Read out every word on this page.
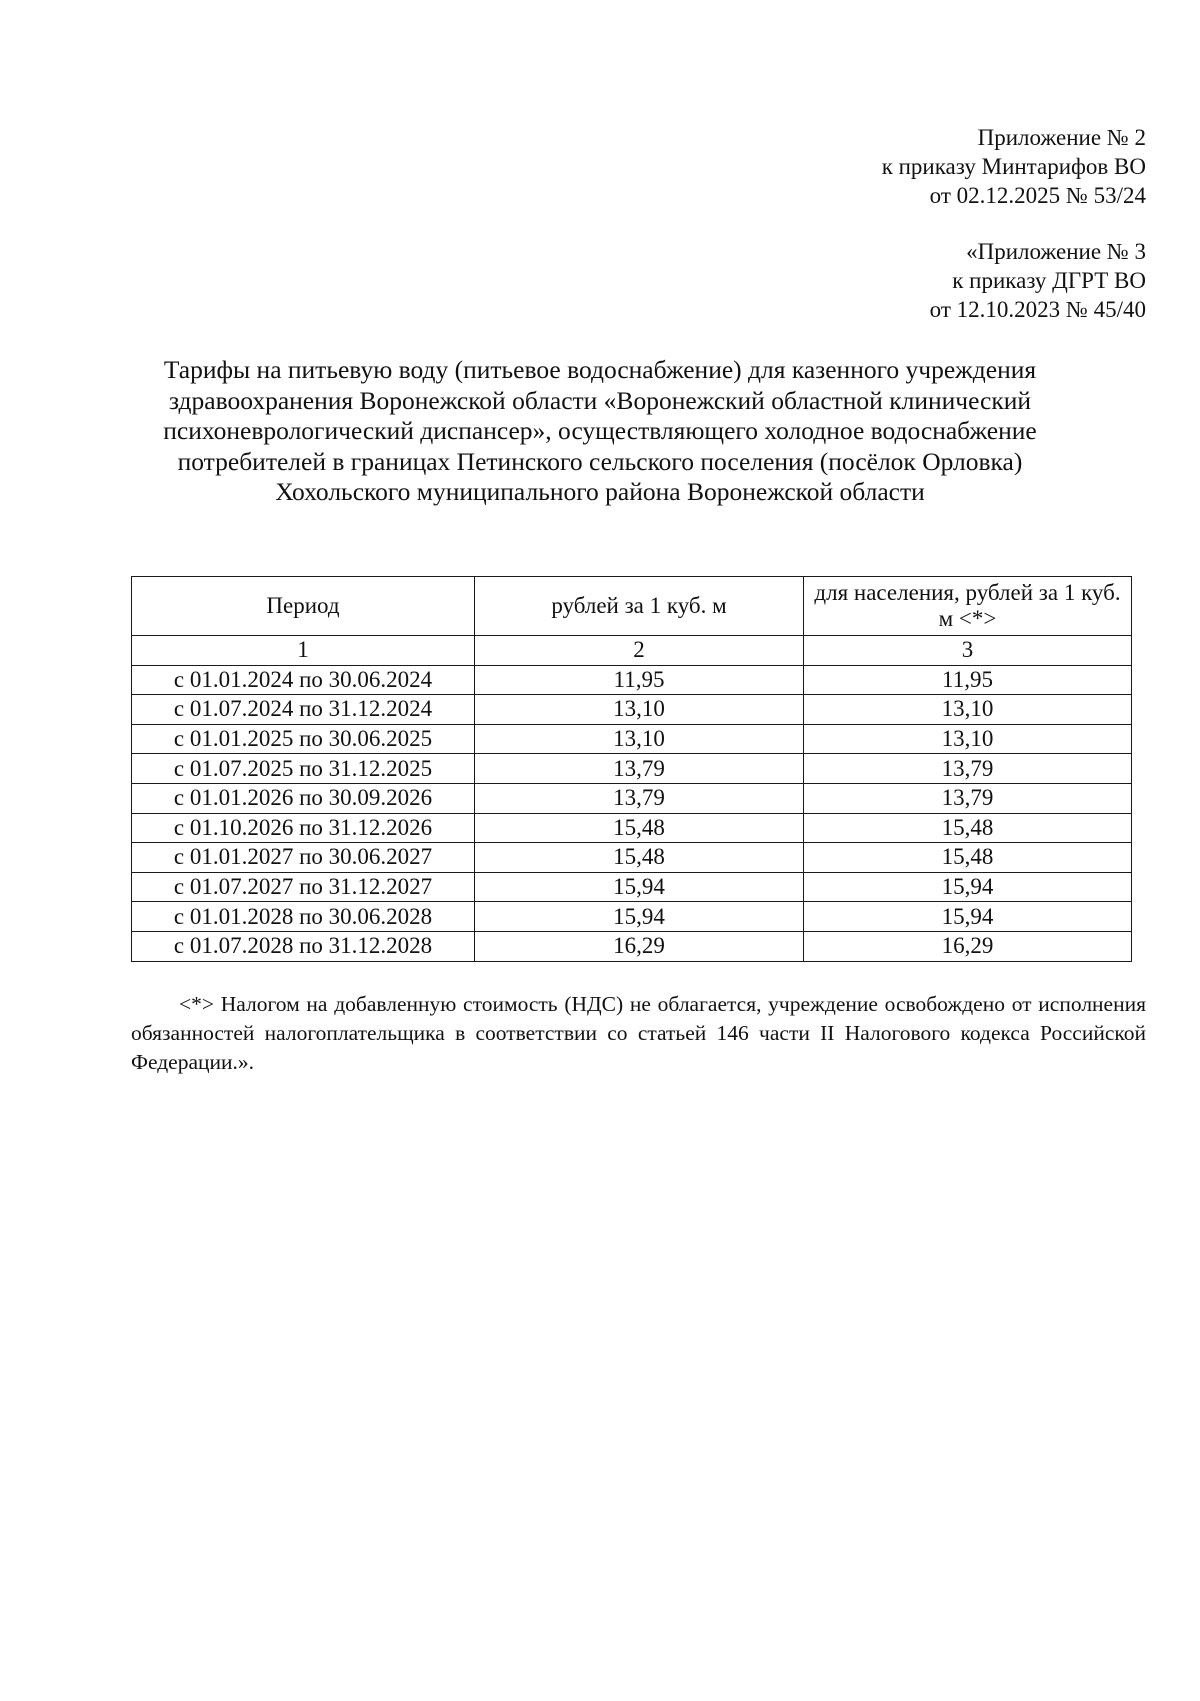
Приложение № 2
к приказу Минтарифов ВО
от 02.12.2025 № 53/24
«Приложение № 3
к приказу ДГРТ ВО
от 12.10.2023 № 45/40
Тарифы на питьевую воду (питьевое водоснабжение) для казенного учреждения
здравоохранения Воронежской области «Воронежский областной клинический
психоневрологический диспансер», осуществляющего холодное водоснабжение
потребителей в границах Петинского сельского поселения (посёлок Орловка)
Хохольского муниципального района Воронежской области
Период	рублей за 1 куб. м	для населения, рублей за 1 куб. м <*>
1	2	3
с 01.01.2024 по 30.06.2024	11,95	11,95
с 01.07.2024 по 31.12.2024	13,10	13,10
с 01.01.2025 по 30.06.2025	13,10	13,10
с 01.07.2025 по 31.12.2025	13,79	13,79
с 01.01.2026 по 30.09.2026	13,79	13,79
с 01.10.2026 по 31.12.2026	15,48	15,48
с 01.01.2027 по 30.06.2027	15,48	15,48
с 01.07.2027 по 31.12.2027	15,94	15,94
с 01.01.2028 по 30.06.2028	15,94	15,94
с 01.07.2028 по 31.12.2028	16,29	16,29
<*> Налогом на добавленную стоимость (НДС) не облагается, учреждение освобождено от исполнения обязанностей налогоплательщика в соответствии со статьей 146 части II Налогового кодекса Российской Федерации.».
